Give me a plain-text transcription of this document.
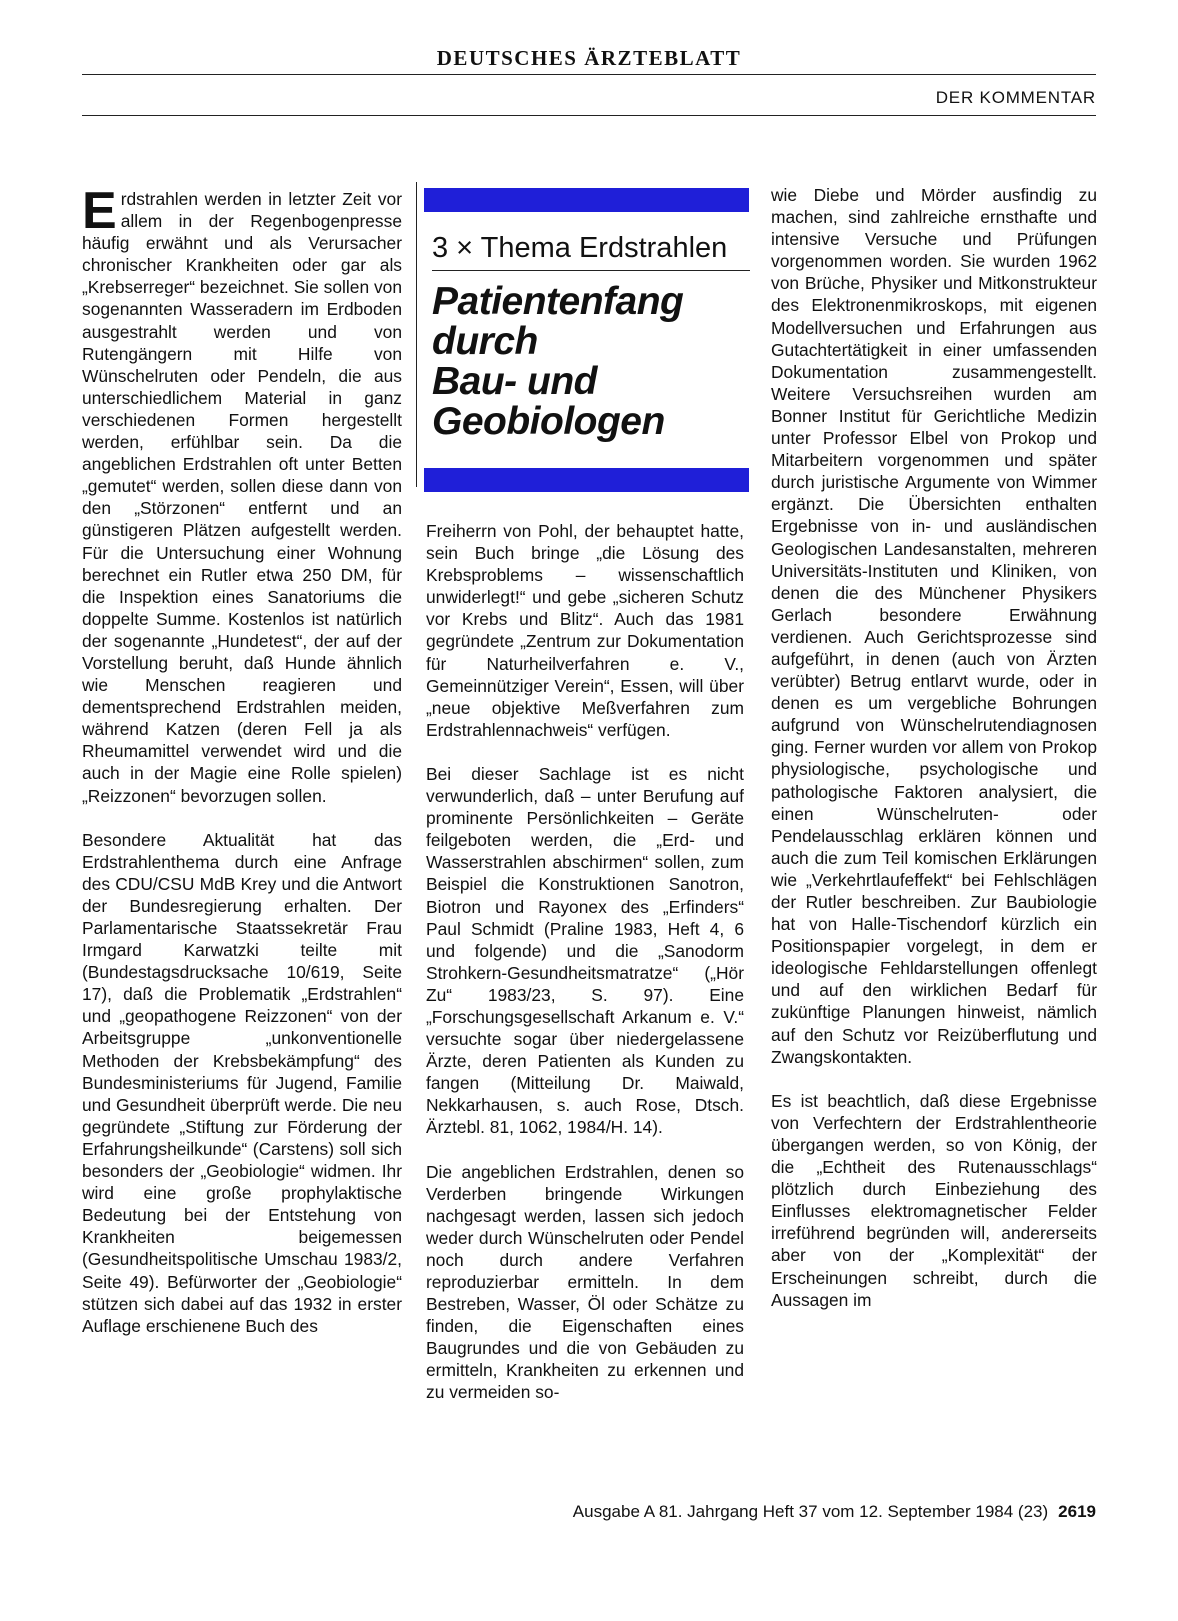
DEUTSCHES ÄRZTEBLATT
DER KOMMENTAR

Erdstrahlen werden in letzter Zeit vor allem in der Regenbogenpresse häufig erwähnt und als Verursacher chronischer Krankheiten oder gar als „Krebserreger“ bezeichnet. Sie sollen von sogenannten Wasseradern im Erdboden ausgestrahlt werden und von Rutengängern mit Hilfe von Wünschelruten oder Pendeln, die aus unterschiedlichem Material in ganz verschiedenen Formen hergestellt werden, erfühlbar sein. Da die angeblichen Erdstrahlen oft unter Betten „gemutet“ werden, sollen diese dann von den „Störzonen“ entfernt und an günstigeren Plätzen aufgestellt werden. Für die Untersuchung einer Wohnung berechnet ein Rutler etwa 250 DM, für die Inspektion eines Sanatoriums die doppelte Summe. Kostenlos ist natürlich der sogenannte „Hundetest“, der auf der Vorstellung beruht, daß Hunde ähnlich wie Menschen reagieren und dementsprechend Erdstrahlen meiden, während Katzen (deren Fell ja als Rheumamittel verwendet wird und die auch in der Magie eine Rolle spielen) „Reizzonen“ bevorzugen sollen.

Besondere Aktualität hat das Erdstrahlenthema durch eine Anfrage des CDU/CSU MdB Krey und die Antwort der Bundesregierung erhalten. Der Parlamentarische Staatssekretär Frau Irmgard Karwatzki teilte mit (Bundestagsdrucksache 10/619, Seite 17), daß die Problematik „Erdstrahlen“ und „geopathogene Reizzonen“ von der Arbeitsgruppe „unkonventionelle Methoden der Krebsbekämpfung“ des Bundesministeriums für Jugend, Familie und Gesundheit überprüft werde. Die neu gegründete „Stiftung zur Förderung der Erfahrungsheilkunde“ (Carstens) soll sich besonders der „Geobiologie“ widmen. Ihr wird eine große prophylaktische Bedeutung bei der Entstehung von Krankheiten beigemessen (Gesundheitspolitische Umschau 1983/2, Seite 49). Befürworter der „Geobiologie“ stützen sich dabei auf das 1932 in erster Auflage erschienene Buch des

3 × Thema Erdstrahlen
Patientenfang
durch
Bau- und
Geobiologen

Freiherrn von Pohl, der behauptet hatte, sein Buch bringe „die Lösung des Krebsproblems – wissenschaftlich unwiderlegt!“ und gebe „sicheren Schutz vor Krebs und Blitz“. Auch das 1981 gegründete „Zentrum zur Dokumentation für Naturheilverfahren e. V., Gemeinnütziger Verein“, Essen, will über „neue objektive Meßverfahren zum Erdstrahlennachweis“ verfügen.

Bei dieser Sachlage ist es nicht verwunderlich, daß – unter Berufung auf prominente Persönlichkeiten – Geräte feilgeboten werden, die „Erd- und Wasserstrahlen abschirmen“ sollen, zum Beispiel die Konstruktionen Sanotron, Biotron und Rayonex des „Erfinders“ Paul Schmidt (Praline 1983, Heft 4, 6 und folgende) und die „Sanodorm Strohkern-Gesundheitsmatratze“ („Hör Zu“ 1983/23, S. 97). Eine „Forschungsgesellschaft Arkanum e. V.“ versuchte sogar über niedergelassene Ärzte, deren Patienten als Kunden zu fangen (Mitteilung Dr. Maiwald, Nekkarhausen, s. auch Rose, Dtsch. Ärztebl. 81, 1062, 1984/H. 14).

Die angeblichen Erdstrahlen, denen so Verderben bringende Wirkungen nachgesagt werden, lassen sich jedoch weder durch Wünschelruten oder Pendel noch durch andere Verfahren reproduzierbar ermitteln. In dem Bestreben, Wasser, Öl oder Schätze zu finden, die Eigenschaften eines Baugrundes und die von Gebäuden zu ermitteln, Krankheiten zu erkennen und zu vermeiden so-

wie Diebe und Mörder ausfindig zu machen, sind zahlreiche ernsthafte und intensive Versuche und Prüfungen vorgenommen worden. Sie wurden 1962 von Brüche, Physiker und Mitkonstrukteur des Elektronenmikroskops, mit eigenen Modellversuchen und Erfahrungen aus Gutachtertätigkeit in einer umfassenden Dokumentation zusammengestellt. Weitere Versuchsreihen wurden am Bonner Institut für Gerichtliche Medizin unter Professor Elbel von Prokop und Mitarbeitern vorgenommen und später durch juristische Argumente von Wimmer ergänzt. Die Übersichten enthalten Ergebnisse von in- und ausländischen Geologischen Landesanstalten, mehreren Universitäts-Instituten und Kliniken, von denen die des Münchener Physikers Gerlach besondere Erwähnung verdienen. Auch Gerichtsprozesse sind aufgeführt, in denen (auch von Ärzten verübter) Betrug entlarvt wurde, oder in denen es um vergebliche Bohrungen aufgrund von Wünschelrutendiagnosen ging. Ferner wurden vor allem von Prokop physiologische, psychologische und pathologische Faktoren analysiert, die einen Wünschelruten- oder Pendelausschlag erklären können und auch die zum Teil komischen Erklärungen wie „Verkehrtlaufeffekt“ bei Fehlschlägen der Rutler beschreiben. Zur Baubiologie hat von Halle-Tischendorf kürzlich ein Positionspapier vorgelegt, in dem er ideologische Fehldarstellungen offenlegt und auf den wirklichen Bedarf für zukünftige Planungen hinweist, nämlich auf den Schutz vor Reizüberflutung und Zwangskontakten.

Es ist beachtlich, daß diese Ergebnisse von Verfechtern der Erdstrahlentheorie übergangen werden, so von König, der die „Echtheit des Rutenausschlags“ plötzlich durch Einbeziehung des Einflusses elektromagnetischer Felder irreführend begründen will, andererseits aber von der „Komplexität“ der Erscheinungen schreibt, durch die Aussagen im

Ausgabe A 81. Jahrgang Heft 37 vom 12. September 1984 (23) 2619
